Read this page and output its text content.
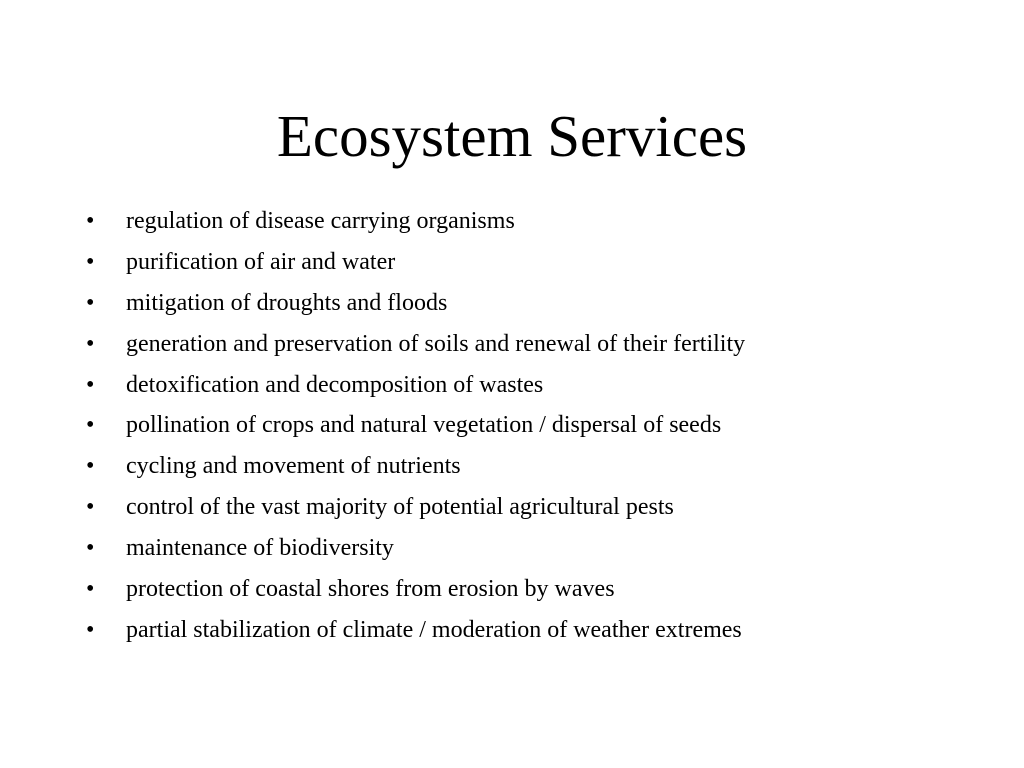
Ecosystem Services
• regulation of disease carrying organisms
• purification of air and water
• mitigation of droughts and floods
• generation and preservation of soils and renewal of their fertility
• detoxification and decomposition of wastes
• pollination of crops and natural vegetation / dispersal of seeds
• cycling and movement of nutrients
• control of the vast majority of potential agricultural pests
• maintenance of biodiversity
• protection of coastal shores from erosion by waves
• partial stabilization of climate / moderation of weather extremes
